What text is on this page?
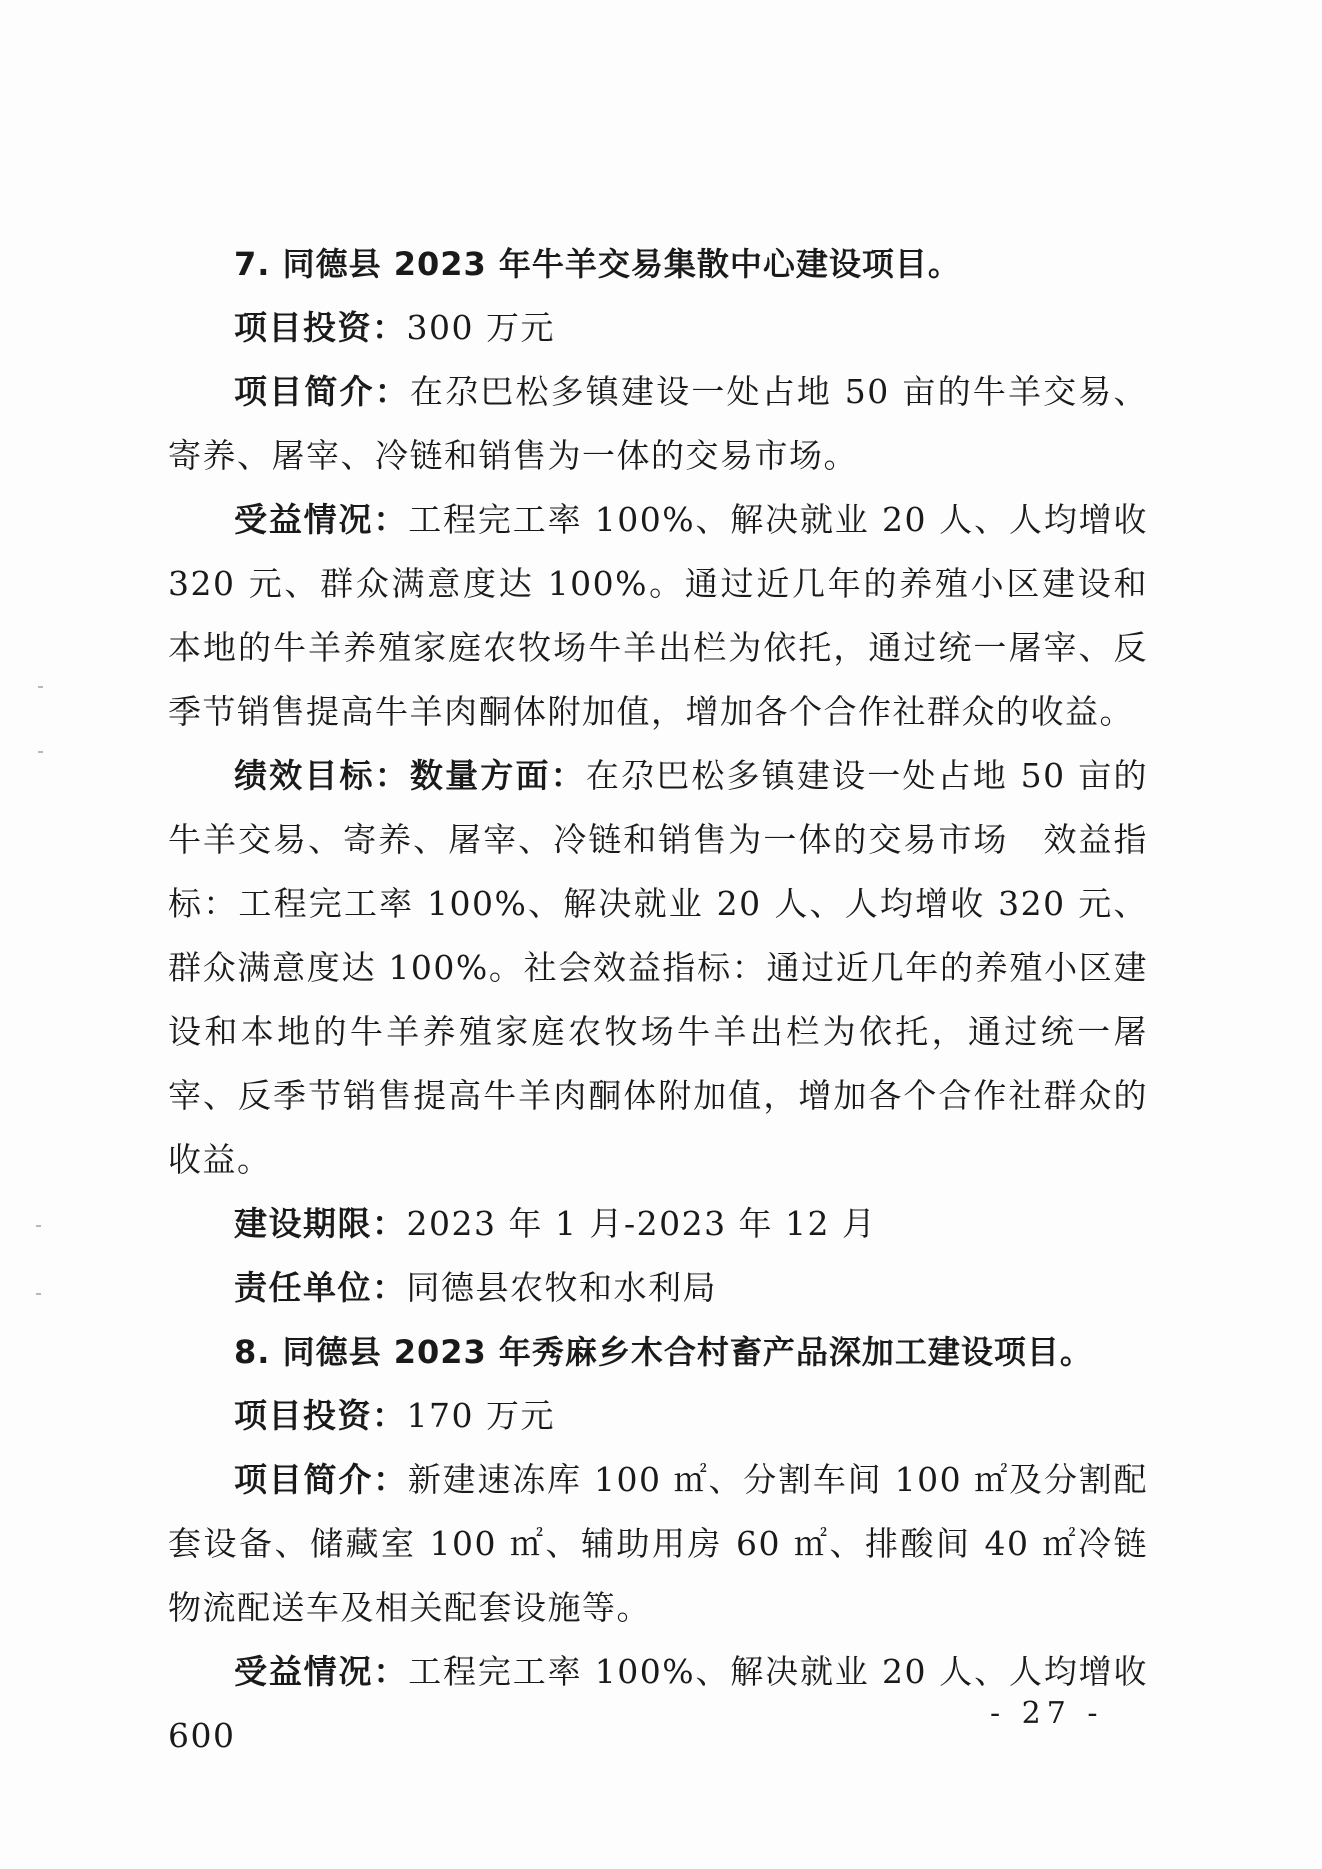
7. 同德县 2023 年牛羊交易集散中心建设项目。

项目投资：300 万元

项目简介：在尕巴松多镇建设一处占地 50 亩的牛羊交易、寄养、屠宰、冷链和销售为一体的交易市场。

受益情况：工程完工率 100%、解决就业 20 人、人均增收 320 元、群众满意度达 100%。通过近几年的养殖小区建设和本地的牛羊养殖家庭农牧场牛羊出栏为依托，通过统一屠宰、反季节销售提高牛羊肉酮体附加值，增加各个合作社群众的收益。

绩效目标：数量方面：在尕巴松多镇建设一处占地 50 亩的牛羊交易、寄养、屠宰、冷链和销售为一体的交易市场　效益指标：工程完工率 100%、解决就业 20 人、人均增收 320 元、群众满意度达 100%。社会效益指标：通过近几年的养殖小区建设和本地的牛羊养殖家庭农牧场牛羊出栏为依托，通过统一屠宰、反季节销售提高牛羊肉酮体附加值，增加各个合作社群众的收益。

建设期限：2023 年 1 月-2023 年 12 月

责任单位：同德县农牧和水利局

8. 同德县 2023 年秀麻乡木合村畜产品深加工建设项目。

项目投资：170 万元

项目简介：新建速冻库 100 ㎡、分割车间 100 ㎡及分割配套设备、储藏室 100 ㎡、辅助用房 60 ㎡、排酸间 40 ㎡冷链物流配送车及相关配套设施等。

受益情况：工程完工率 100%、解决就业 20 人、人均增收 600

- 27 -
